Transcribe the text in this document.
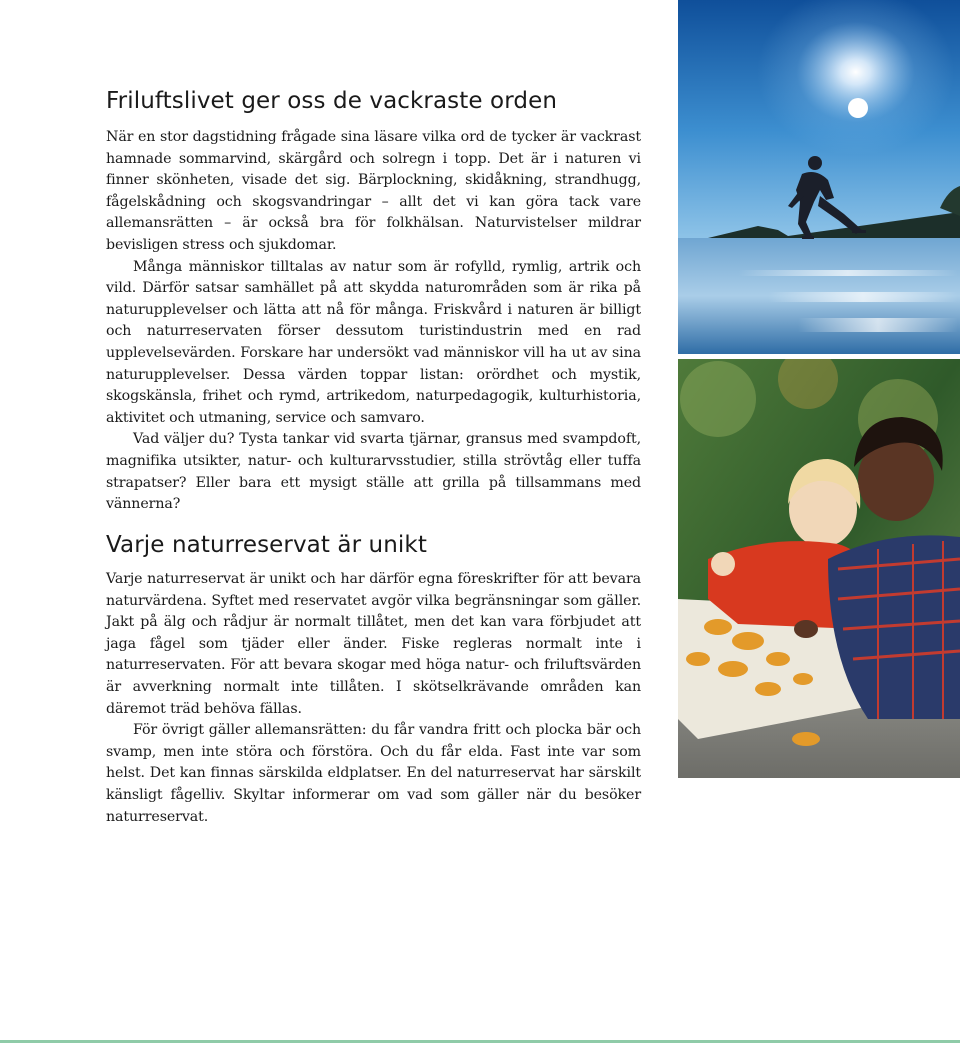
Friluftslivet ger oss de vackraste orden

När en stor dagstidning frågade sina läsare vilka ord de tycker är vackrast hamnade sommarvind, skärgård och solregn i topp. Det är i naturen vi finner skönheten, visade det sig. Bärplockning, skidåkning, strandhugg, fågelskådning och skogsvandringar – allt det vi kan göra tack vare allemansrätten – är också bra för folkhälsan. Naturvistelser mildrar bevisligen stress och sjukdomar.

Många människor tilltalas av natur som är rofylld, rymlig, artrik och vild. Därför satsar samhället på att skydda naturområden som är rika på naturupplevelser och lätta att nå för många. Friskvård i naturen är billigt och naturreservaten förser dessutom turistindustrin med en rad upplevelsevärden. Forskare har undersökt vad människor vill ha ut av sina naturupplevelser. Dessa värden toppar listan: orördhet och mystik, skogskänsla, frihet och rymd, artrikedom, naturpedagogik, kulturhistoria, aktivitet och utmaning, service och samvaro.

Vad väljer du? Tysta tankar vid svarta tjärnar, gransus med svampdoft, magnifika utsikter, natur- och kulturarvsstudier, stilla strövtåg eller tuffa strapatser? Eller bara ett mysigt ställe att grilla på tillsammans med vännerna?

Varje naturreservat är unikt

Varje naturreservat är unikt och har därför egna föreskrifter för att bevara naturvärdena. Syftet med reservatet avgör vilka begränsningar som gäller. Jakt på älg och rådjur är normalt tillåtet, men det kan vara förbjudet att jaga fågel som tjäder eller änder. Fiske regleras normalt inte i naturreservaten. För att bevara skogar med höga natur- och friluftsvärden är avverkning normalt inte tillåten. I skötselkrävande områden kan däremot träd behöva fällas.

För övrigt gäller allemansrätten: du får vandra fritt och plocka bär och svamp, men inte störa och förstöra. Och du får elda. Fast inte var som helst. Det kan finnas särskilda eldplatser. En del naturreservat har särskilt känsligt fågelliv. Skyltar informerar om vad som gäller när du besöker naturreservat.
